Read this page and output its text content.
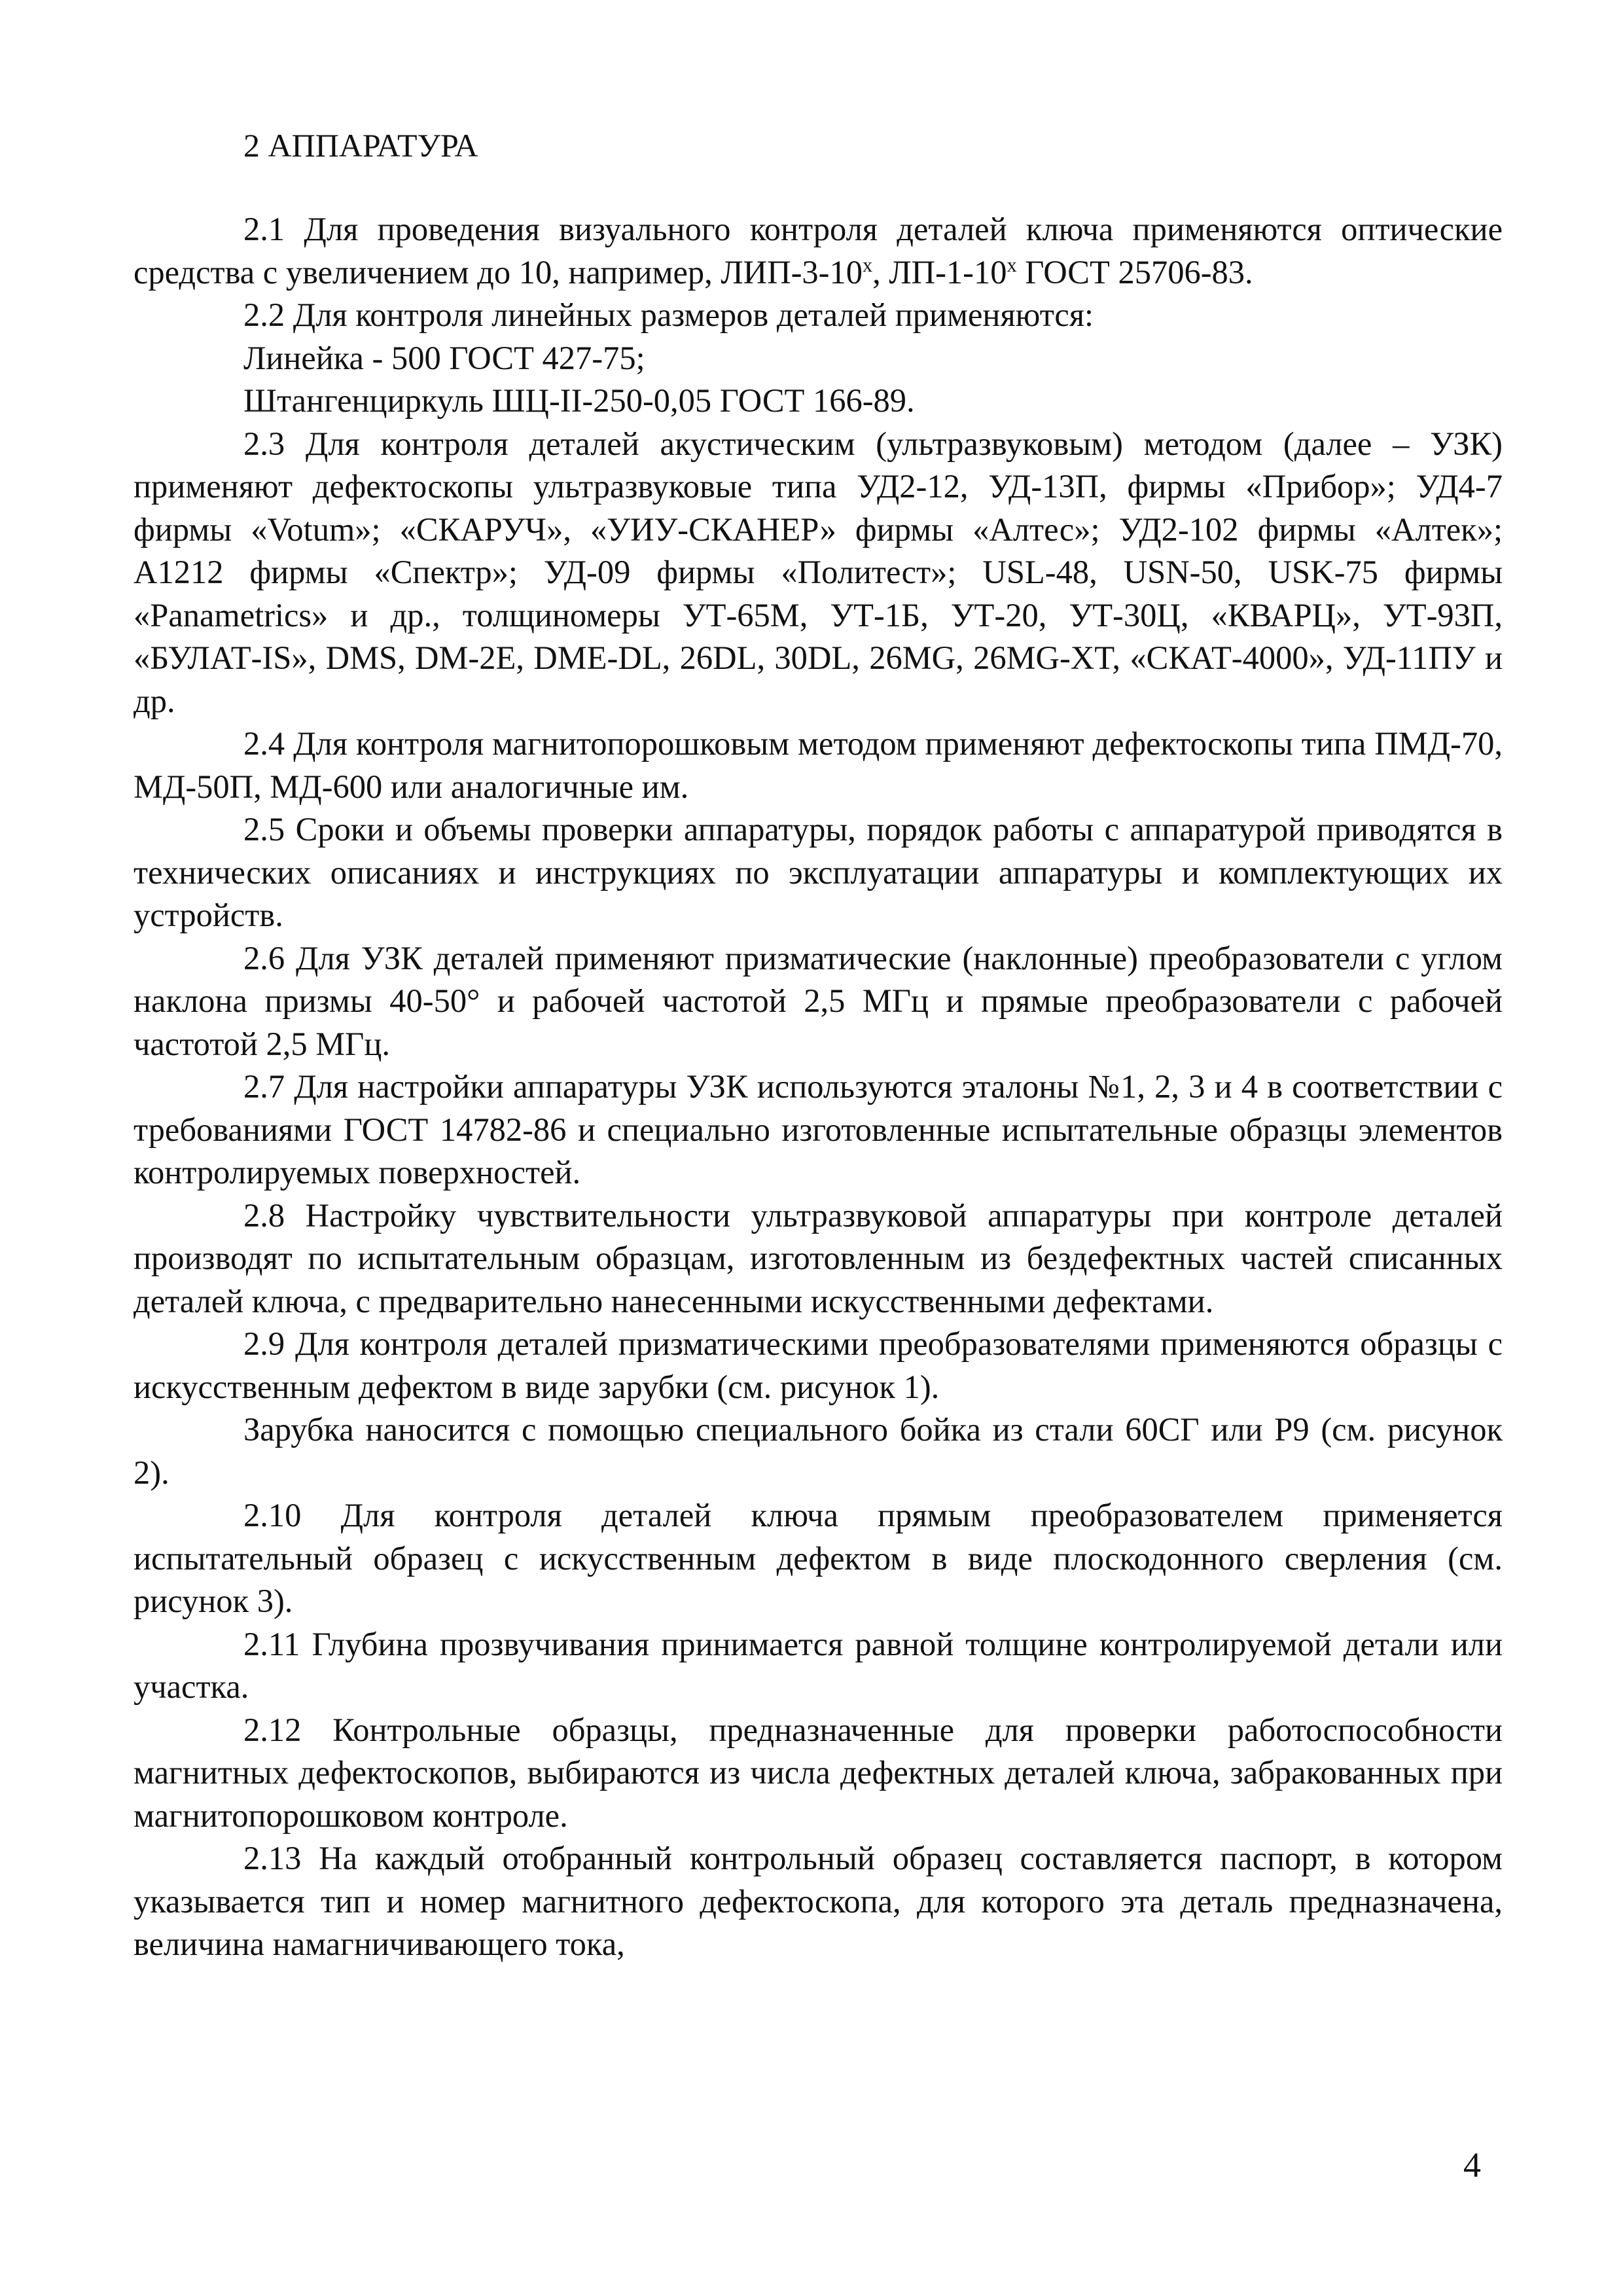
2 АППАРАТУРА

2.1 Для проведения визуального контроля деталей ключа применяются оптические средства с увеличением до 10, например, ЛИП-3-10$^x$, ЛП-1-10$^x$ ГОСТ 25706-83.

2.2 Для контроля линейных размеров деталей применяются:

Линейка - 500 ГОСТ 427-75;

Штангенциркуль ШЦ-II-250-0,05 ГОСТ 166-89.

2.3 Для контроля деталей акустическим (ультразвуковым) методом (далее – УЗК) применяют дефектоскопы ультразвуковые типа УД2-12, УД-13П, фирмы «Прибор»; УД4-7 фирмы «Votum»; «СКАРУЧ», «УИУ-СКАНЕР» фирмы «Алтес»; УД2-102 фирмы «Алтек»; А1212 фирмы «Спектр»; УД-09 фирмы «Политест»; USL-48, USN-50, USK-75 фирмы «Panametrics» и др., толщиномеры УТ-65М, УТ-1Б, УТ-20, УТ-30Ц, «КВАРЦ», УТ-93П, «БУЛАТ-IS», DMS, DM-2E, DME-DL, 26DL, 30DL, 26MG, 26MG-XT, «СКАТ-4000», УД-11ПУ и др.

2.4 Для контроля магнитопорошковым методом применяют дефектоскопы типа ПМД-70, МД-50П, МД-600 или аналогичные им.

2.5 Сроки и объемы проверки аппаратуры, порядок работы с аппаратурой приводятся в технических описаниях и инструкциях по эксплуатации аппаратуры и комплектующих их устройств.

2.6 Для УЗК деталей применяют призматические (наклонные) преобразователи с углом наклона призмы 40-50° и рабочей частотой 2,5 МГц и прямые преобразователи с рабочей частотой 2,5 МГц.

2.7 Для настройки аппаратуры УЗК используются эталоны №1, 2, 3 и 4 в соответствии с требованиями ГОСТ 14782-86 и специально изготовленные испытательные образцы элементов контролируемых поверхностей.

2.8 Настройку чувствительности ультразвуковой аппаратуры при контроле деталей производят по испытательным образцам, изготовленным из бездефектных частей списанных деталей ключа, с предварительно нанесенными искусственными дефектами.

2.9 Для контроля деталей призматическими преобразователями применяются образцы с искусственным дефектом в виде зарубки (см. рисунок 1).

Зарубка наносится с помощью специального бойка из стали 60СГ или Р9 (см. рисунок 2).

2.10 Для контроля деталей ключа прямым преобразователем применяется испытательный образец с искусственным дефектом в виде плоскодонного сверления (см. рисунок 3).

2.11 Глубина прозвучивания принимается равной толщине контролируемой детали или участка.

2.12 Контрольные образцы, предназначенные для проверки работоспособности магнитных дефектоскопов, выбираются из числа дефектных деталей ключа, забракованных при магнитопорошковом контроле.

2.13 На каждый отобранный контрольный образец составляется паспорт, в котором указывается тип и номер магнитного дефектоскопа, для которого эта деталь предназначена, величина намагничивающего тока,

4
